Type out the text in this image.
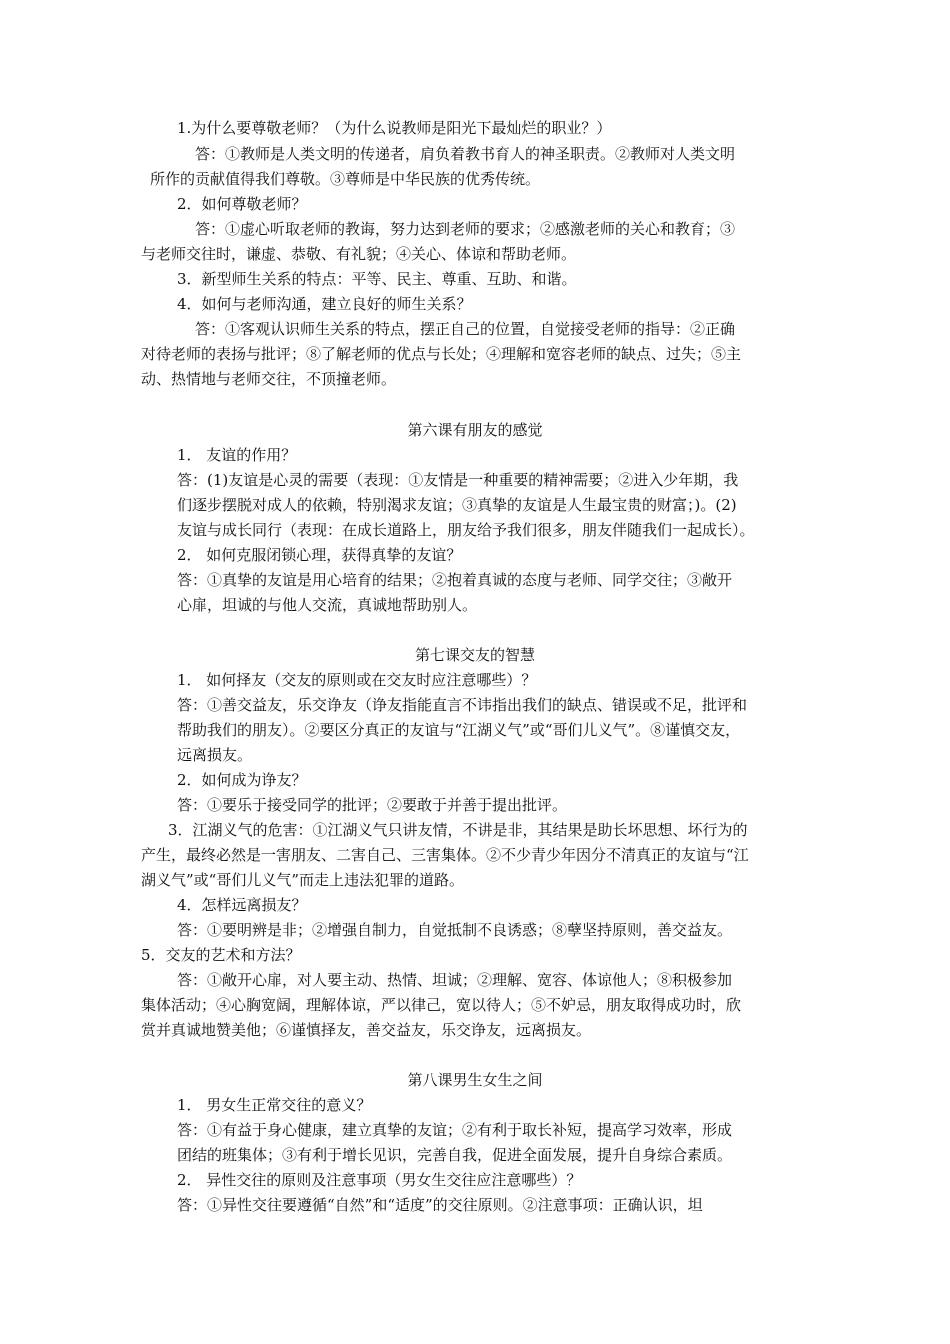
1.为什么要尊敬老师？（为什么说教师是阳光下最灿烂的职业？）
答：①教师是人类文明的传递者，肩负着教书育人的神圣职责。②教师对人类文明
所作的贡献值得我们尊敬。③尊师是中华民族的优秀传统。
2．如何尊敬老师？
答：①虚心听取老师的教诲，努力达到老师的要求；②感激老师的关心和教育；③
与老师交往时，谦虚、恭敬、有礼貌；④关心、体谅和帮助老师。
3．新型师生关系的特点：平等、民主、尊重、互助、和谐。
4．如何与老师沟通，建立良好的师生关系？
答：①客观认识师生关系的特点，摆正自己的位置，自觉接受老师的指导：②正确
对待老师的表扬与批评；⑧了解老师的优点与长处；④理解和宽容老师的缺点、过失；⑤主
动、热情地与老师交往，不顶撞老师。
第六课有朋友的感觉
1． 友谊的作用？
答：(1)友谊是心灵的需要（表现：①友情是一种重要的精神需要；②进入少年期，我
们逐步摆脱对成人的依赖，特别渴求友谊；③真挚的友谊是人生最宝贵的财富；)。(2)
友谊与成长同行（表现：在成长道路上，朋友给予我们很多，朋友伴随我们一起成长）。
2． 如何克服闭锁心理，获得真挚的友谊？
答：①真挚的友谊是用心培育的结果；②抱着真诚的态度与老师、同学交往；③敞开
心扉，坦诚的与他人交流，真诚地帮助别人。
第七课交友的智慧
1． 如何择友（交友的原则或在交友时应注意哪些）？
答：①善交益友，乐交诤友（诤友指能直言不讳指出我们的缺点、错误或不足，批评和
帮助我们的朋友）。②要区分真正的友谊与“江湖义气”或“哥们儿义气”。⑧谨慎交友，
远离损友。
2．如何成为诤友？
答：①要乐于接受同学的批评；②要敢于并善于提出批评。
3．江湖义气的危害：①江湖义气只讲友情，不讲是非，其结果是助长坏思想、坏行为的
产生，最终必然是一害朋友、二害自己、三害集体。②不少青少年因分不清真正的友谊与“江
湖义气”或“哥们儿义气”而走上违法犯罪的道路。
4．怎样远离损友？
答：①要明辨是非；②增强自制力，自觉抵制不良诱惑；⑧孽坚持原则，善交益友。
5．交友的艺术和方法？
答：①敞开心扉，对人要主动、热情、坦诚；②理解、宽容、体谅他人；⑧积极参加
集体活动；④心胸宽阔，理解体谅，严以律己，宽以待人；⑤不妒忌，朋友取得成功时，欣
赏并真诚地赞美他；⑥谨慎择友，善交益友，乐交诤友，远离损友。
第八课男生女生之间
1． 男女生正常交往的意义？
答：①有益于身心健康，建立真挚的友谊；②有利于取长补短，提高学习效率，形成
团结的班集体；③有利于增长见识，完善自我，促进全面发展，提升自身综合素质。
2． 异性交往的原则及注意事项（男女生交往应注意哪些）？
答：①异性交往要遵循“自然”和“适度”的交往原则。②注意事项：正确认识，坦
